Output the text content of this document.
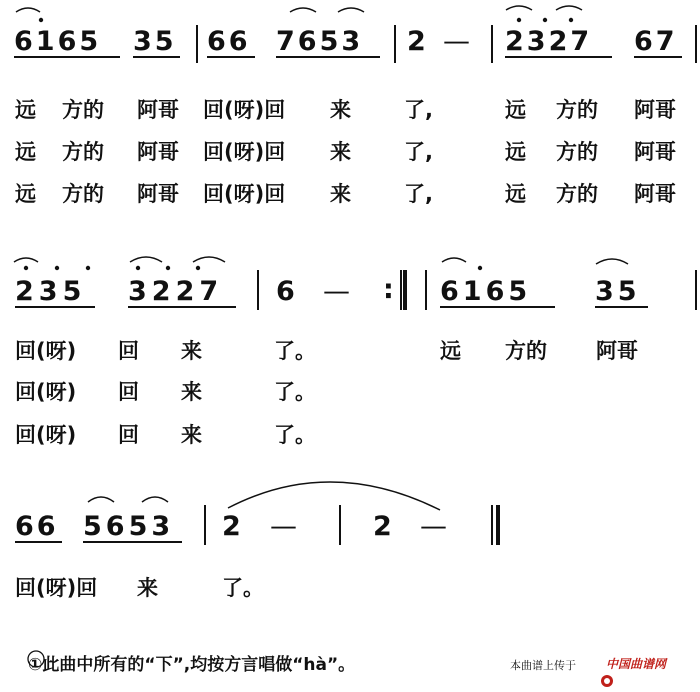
6165 35 66 7653 2 — 2327 67
远 方的 阿哥 回(呀)回 来	了,	远 方的 阿哥
远 方的 阿哥 回(呀)回 来	了,	远 方的 阿哥
远 方的 阿哥 回(呀)回 来	了,	远 方的 阿哥
235 3227 6 — : 6165 35
回(呀) 回 来	了。	远 方的 阿哥
回(呀) 回 来	了。
回(呀) 回 来	了。
66 5653 2 —	2 —
回(呀)回 来	了。
①此曲中所有的“下”,均按方言唱做“hà”。	本曲谱上传于

	中国曲谱网
